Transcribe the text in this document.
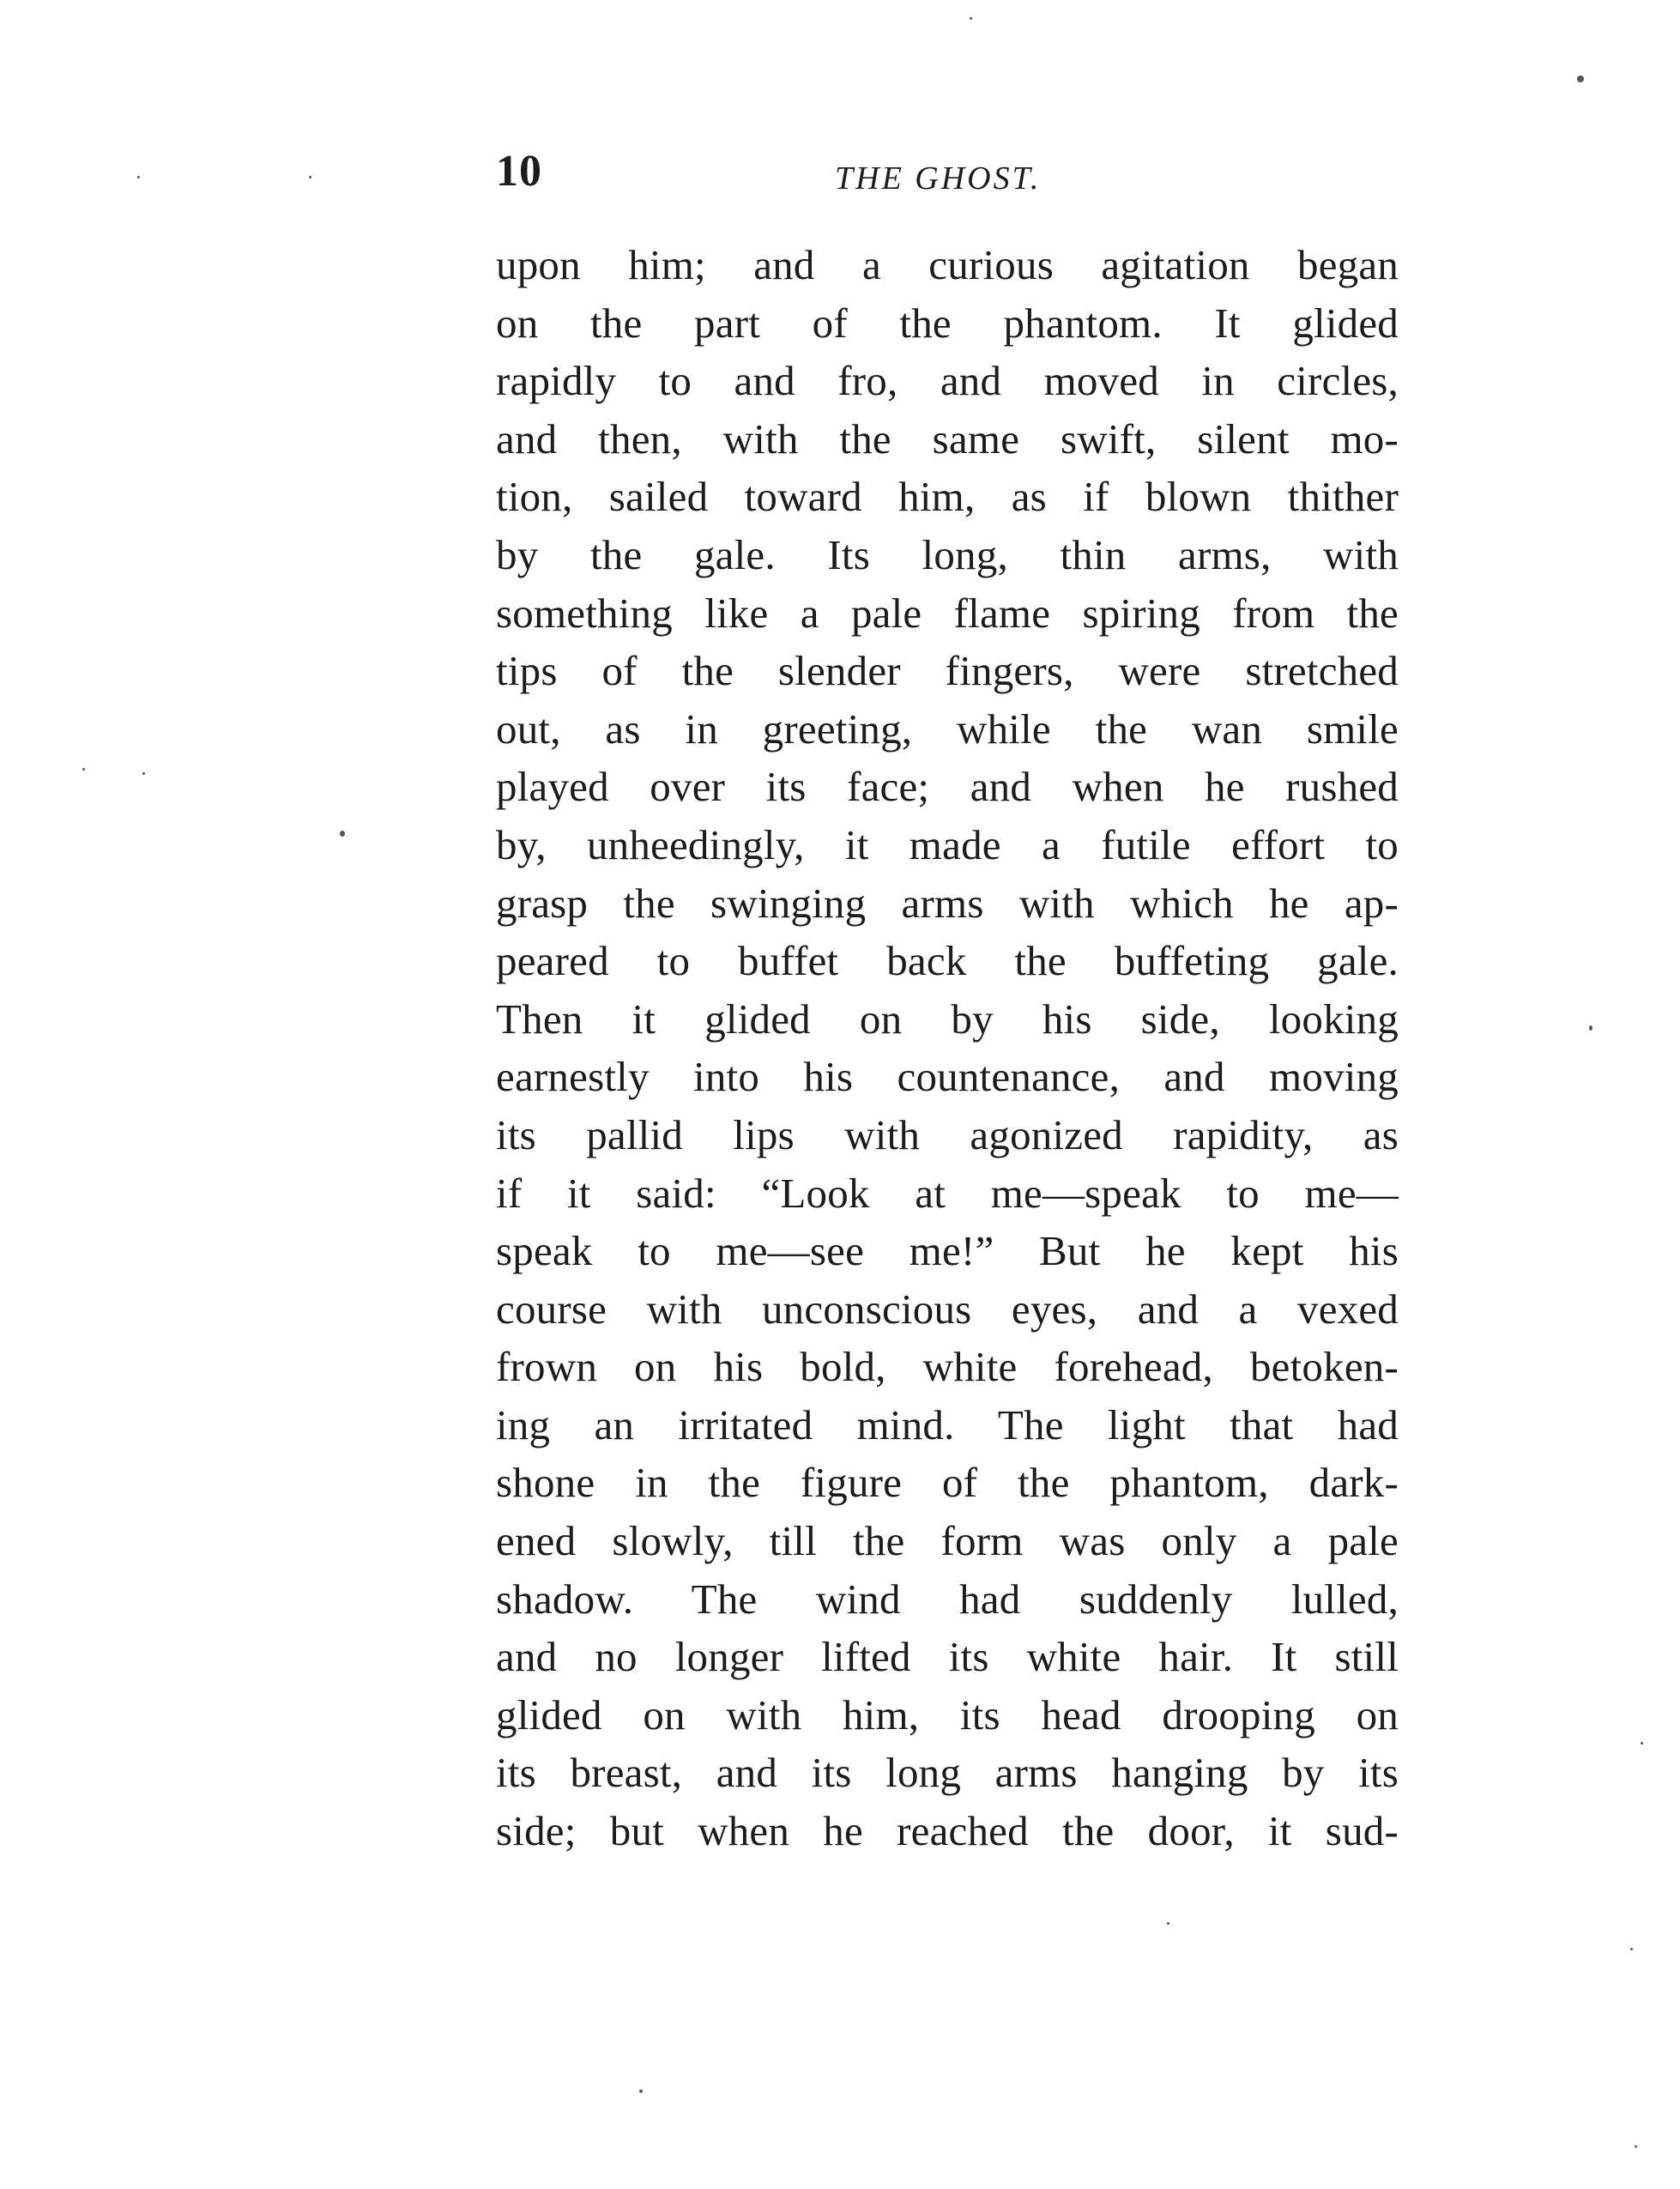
10	THE GHOST.
upon him; and a curious agitation began
on the part of the phantom. It glided
rapidly to and fro, and moved in circles,
and then, with the same swift, silent mo-
tion, sailed toward him, as if blown thither
by the gale. Its long, thin arms, with
something like a pale flame spiring from the
tips of the slender fingers, were stretched
out, as in greeting, while the wan smile
played over its face; and when he rushed
by, unheedingly, it made a futile effort to
grasp the swinging arms with which he ap-
peared to buffet back the buffeting gale.
Then it glided on by his side, looking
earnestly into his countenance, and moving
its pallid lips with agonized rapidity, as
if it said: “Look at me—speak to me—
speak to me—see me!” But he kept his
course with unconscious eyes, and a vexed
frown on his bold, white forehead, betoken-
ing an irritated mind. The light that had
shone in the figure of the phantom, dark-
ened slowly, till the form was only a pale
shadow. The wind had suddenly lulled,
and no longer lifted its white hair. It still
glided on with him, its head drooping on
its breast, and its long arms hanging by its
side; but when he reached the door, it sud-
